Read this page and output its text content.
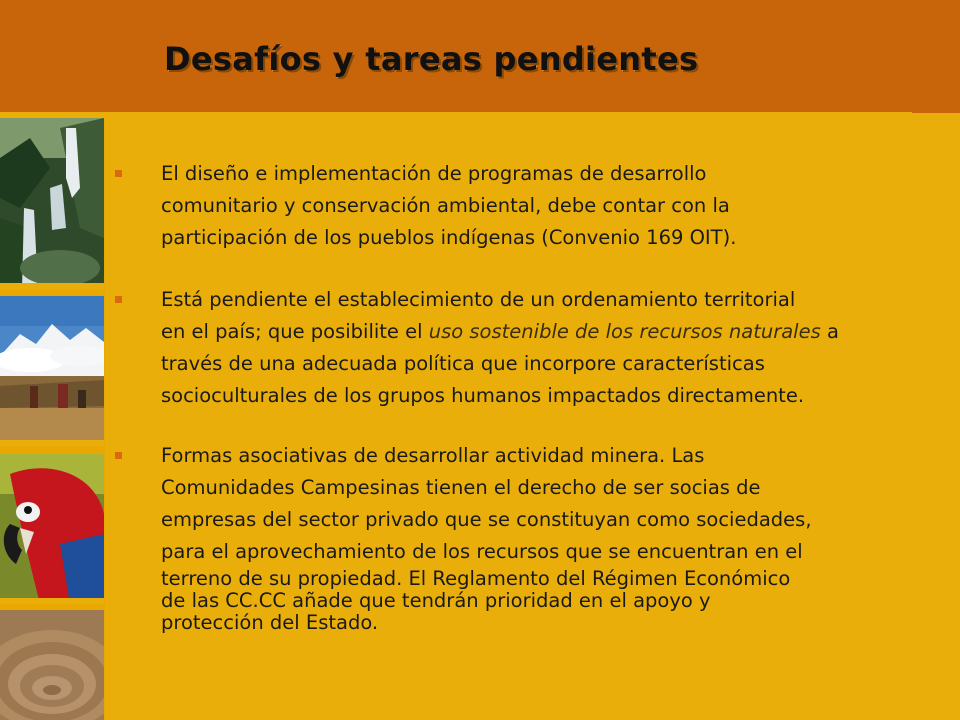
Desafíos y tareas pendientes
El diseño e implementación de programas de desarrollo
comunitario y conservación ambiental, debe contar con la
participación de los pueblos indígenas (Convenio 169 OIT).
Está pendiente el establecimiento de un ordenamiento territorial
en el país; que posibilite el uso sostenible de los recursos naturales a
través de una adecuada política que incorpore características
socioculturales de los grupos humanos impactados directamente.
Formas asociativas de desarrollar actividad minera. Las
Comunidades Campesinas tienen el derecho de ser socias de
empresas del sector privado que se constituyan como sociedades,
para el aprovechamiento de los recursos que se encuentran en el
terreno de su propiedad. El Reglamento del Régimen Económico
de las CC.CC añade que tendrán prioridad en el apoyo y
protección del Estado.
